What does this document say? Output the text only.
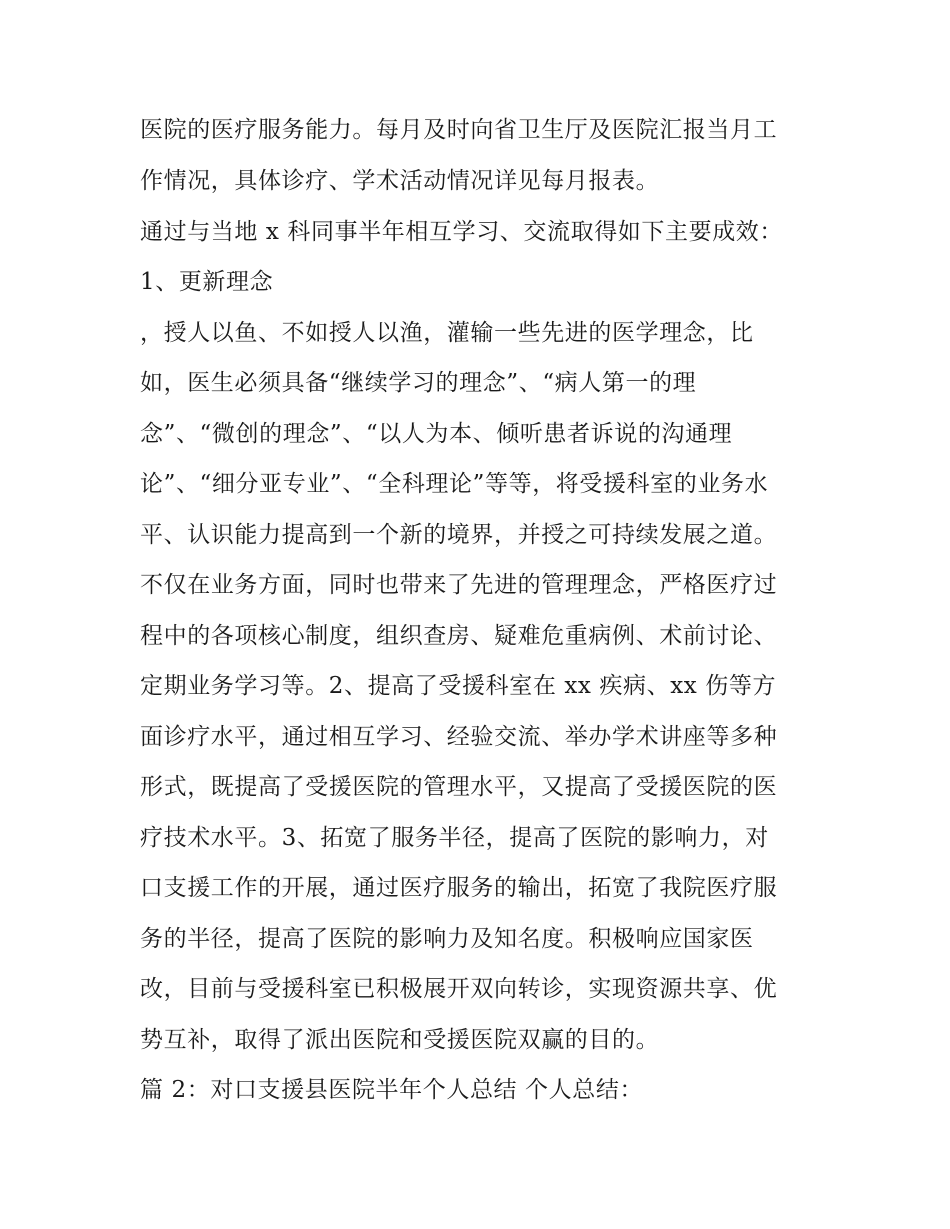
医院的医疗服务能力。每月及时向省卫生厅及医院汇报当月工
作情况，具体诊疗、学术活动情况详见每月报表。
通过与当地 x 科同事半年相互学习、交流取得如下主要成效：
1、更新理念
，授人以鱼、不如授人以渔，灌输一些先进的医学理念，比
如，医生必须具备“继续学习的理念”、“病人第一的理
念”、“微创的理念”、“以人为本、倾听患者诉说的沟通理
论”、“细分亚专业”、“全科理论”等等，将受援科室的业务水
平、认识能力提高到一个新的境界，并授之可持续发展之道。
不仅在业务方面，同时也带来了先进的管理理念，严格医疗过
程中的各项核心制度，组织查房、疑难危重病例、术前讨论、
定期业务学习等。2、提高了受援科室在 xx 疾病、xx 伤等方
面诊疗水平，通过相互学习、经验交流、举办学术讲座等多种
形式，既提高了受援医院的管理水平，又提高了受援医院的医
疗技术水平。3、拓宽了服务半径，提高了医院的影响力，对
口支援工作的开展，通过医疗服务的输出，拓宽了我院医疗服
务的半径，提高了医院的影响力及知名度。积极响应国家医
改，目前与受援科室已积极展开双向转诊，实现资源共享、优
势互补，取得了派出医院和受援医院双赢的目的。
篇 2：对口支援县医院半年个人总结 个人总结：
